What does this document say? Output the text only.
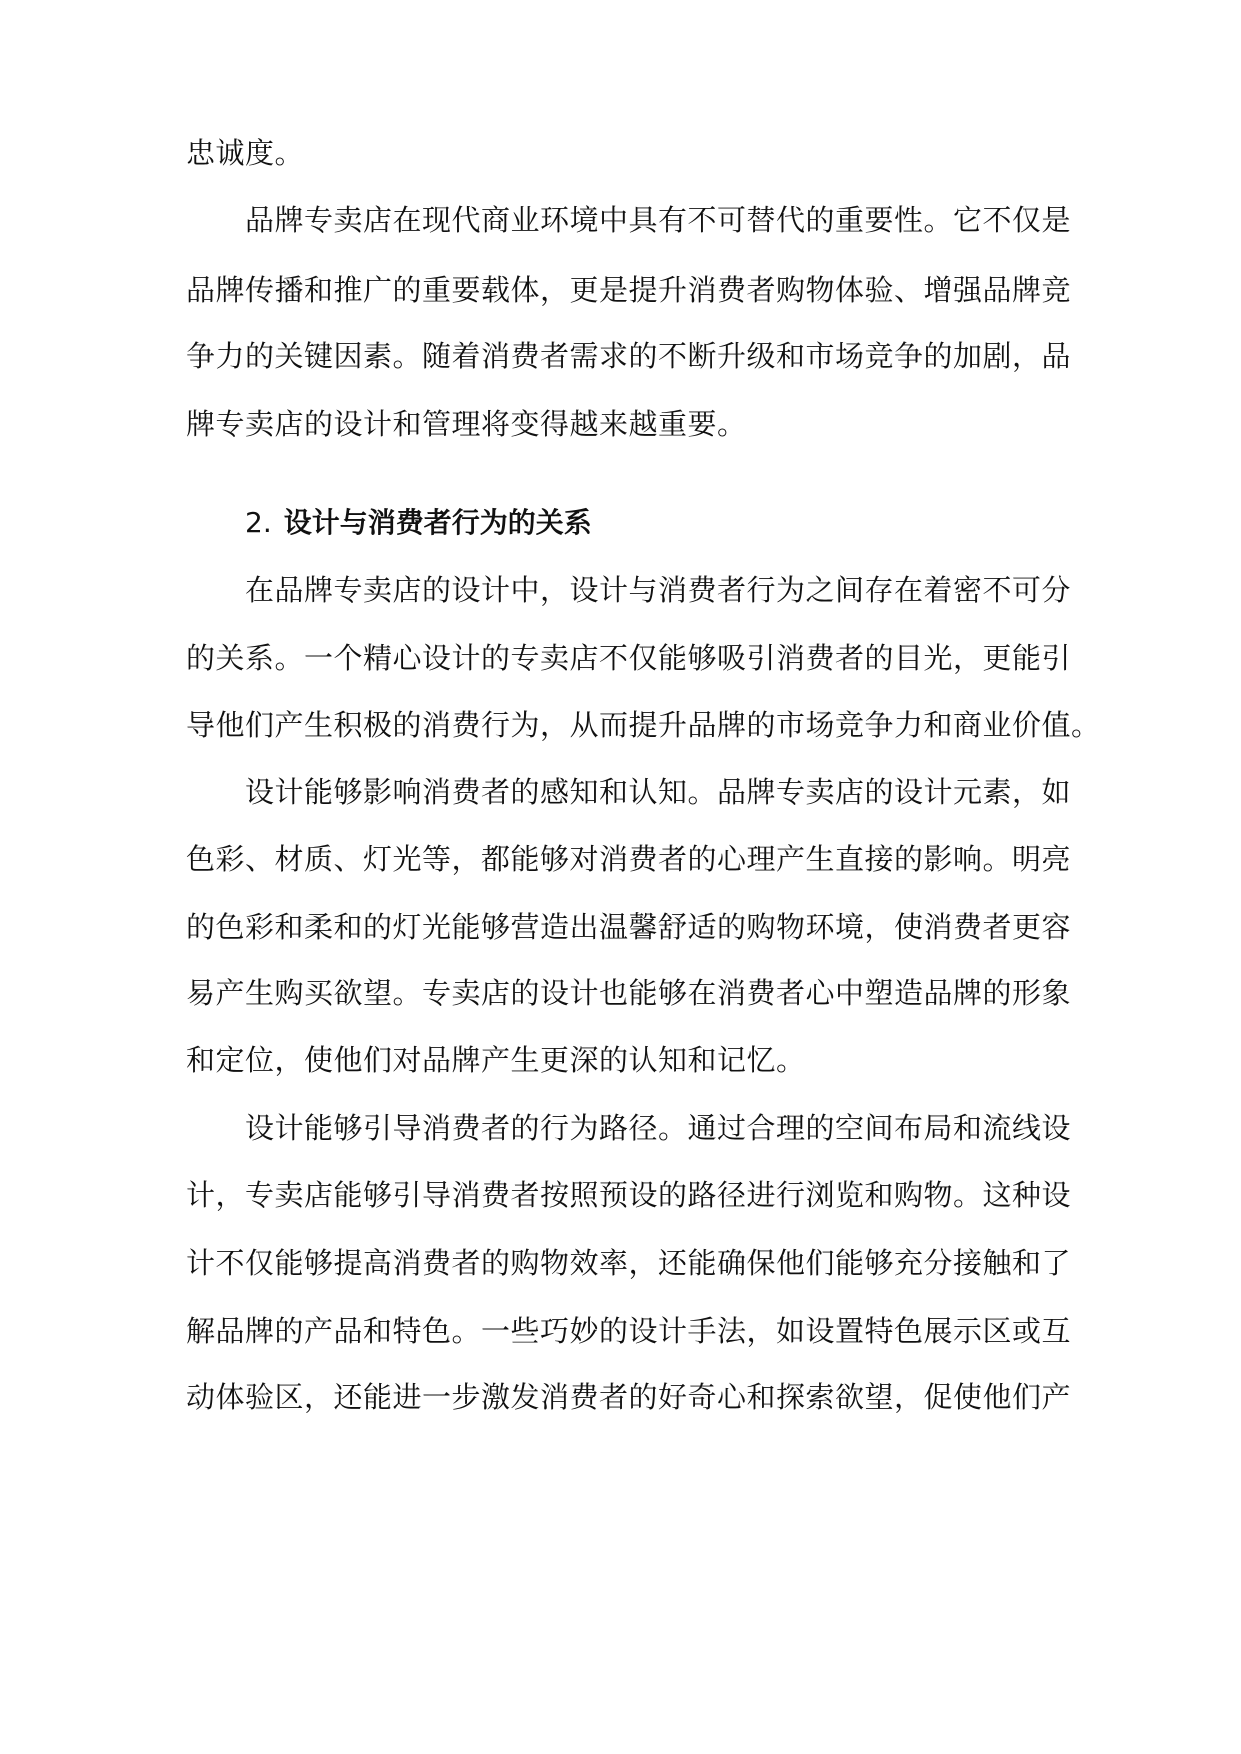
忠诚度。
品牌专卖店在现代商业环境中具有不可替代的重要性。它不仅是
品牌传播和推广的重要载体，更是提升消费者购物体验、增强品牌竞
争力的关键因素。随着消费者需求的不断升级和市场竞争的加剧，品
牌专卖店的设计和管理将变得越来越重要。
2. 设计与消费者行为的关系
在品牌专卖店的设计中，设计与消费者行为之间存在着密不可分
的关系。一个精心设计的专卖店不仅能够吸引消费者的目光，更能引
导他们产生积极的消费行为，从而提升品牌的市场竞争力和商业价值。
设计能够影响消费者的感知和认知。品牌专卖店的设计元素，如
色彩、材质、灯光等，都能够对消费者的心理产生直接的影响。明亮
的色彩和柔和的灯光能够营造出温馨舒适的购物环境，使消费者更容
易产生购买欲望。专卖店的设计也能够在消费者心中塑造品牌的形象
和定位，使他们对品牌产生更深的认知和记忆。
设计能够引导消费者的行为路径。通过合理的空间布局和流线设
计，专卖店能够引导消费者按照预设的路径进行浏览和购物。这种设
计不仅能够提高消费者的购物效率，还能确保他们能够充分接触和了
解品牌的产品和特色。一些巧妙的设计手法，如设置特色展示区或互
动体验区，还能进一步激发消费者的好奇心和探索欲望，促使他们产
